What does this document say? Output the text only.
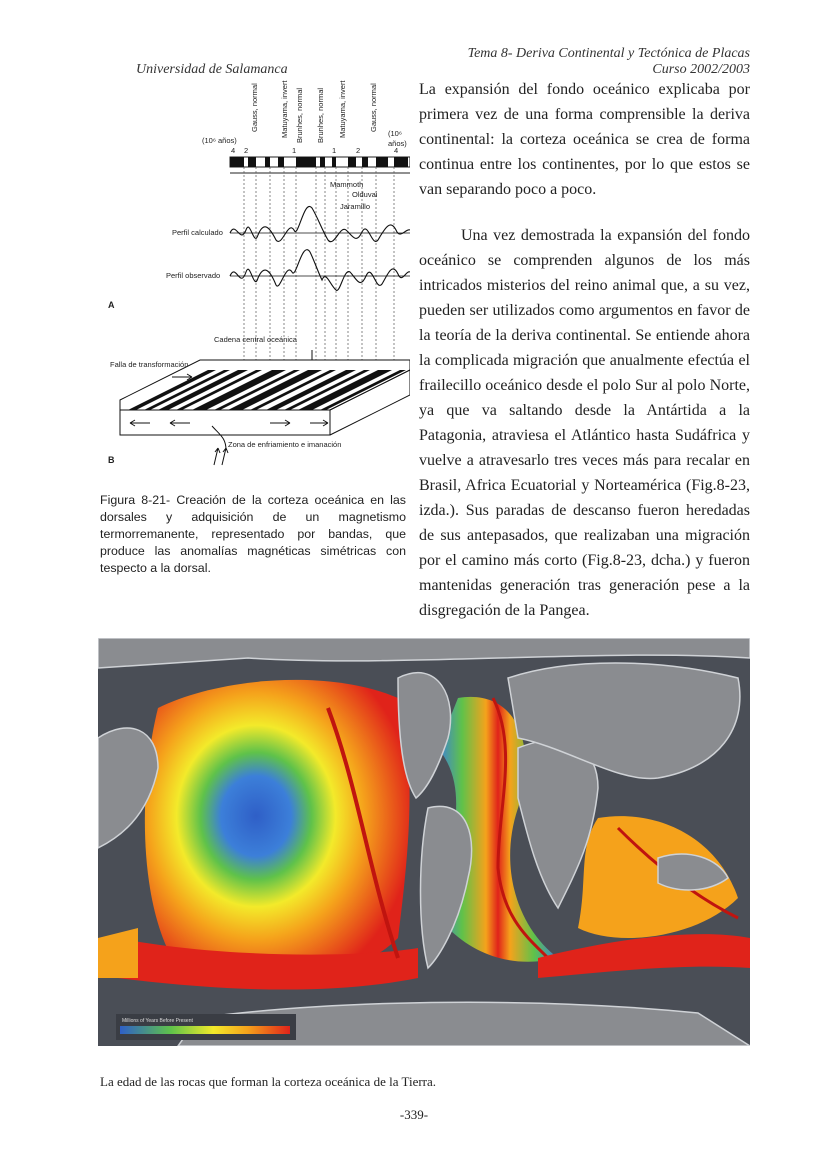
Universidad de Salamanca
Tema 8- Deriva Continental y Tectónica de Placas
Curso 2002/2003

La expansión del fondo oceánico explicaba por primera vez de una forma comprensible la deriva continental: la corteza oceánica se crea de forma continua entre los continentes, por lo que estos se van separando poco a poco.

Una vez demostrada la expansión del fondo oceánico se comprenden algunos de los más intricados misterios del reino animal que, a su vez, pueden ser utilizados como argumentos en favor de la teoría de la deriva continental. Se entiende ahora la complicada migración que anualmente efectúa el frailecillo oceánico desde el polo Sur al polo Norte, ya que va saltando desde la Antártida a la Patagonia, atraviesa el Atlántico hasta Sudáfrica y vuelve a atravesarlo tres veces más para recalar en Brasil, Africa Ecuatorial y Norteamérica (Fig.8-23, izda.). Sus paradas de descanso fueron heredadas de sus antepasados, que realizaban una migración por el camino más corto (Fig.8-23, dcha.) y fueron mantenidas generación tras generación pese a la disgregación de la Pangea.

Gauss, normal	Matuyama, invertida Brunhes, normal Brunhes, normal Matuyama, invertida	Gauss, normal
(10⁶ años)
(10⁶
años)
4 2	1	1	2	4
Mammoth
Olduvai
Jaramillo
Perfil calculado
Perfil observado
A
Cadena central oceánica
Falla de transformación
Zona de enfriamiento e imanación
B
Figura 8-21- Creación de la corteza oceánica en las dorsales y adquisición de un magnetismo termorremanente, representado por bandas, que produce las anomalías magnéticas simétricas con tespecto a la dorsal.
Millions of Years Before Present
La edad de las rocas que forman la corteza oceánica de la Tierra.
-339-
